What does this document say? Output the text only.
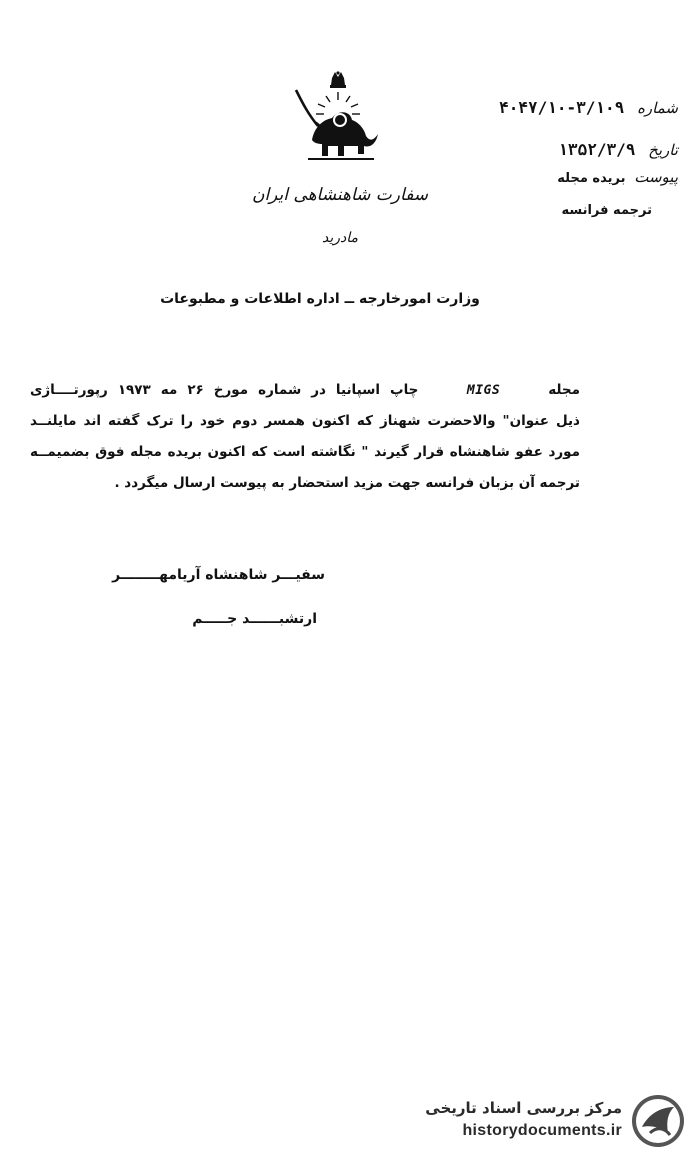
شماره ۴۰۴۷/۱۰-۳/۱۰۹
تاریخ ۱۳۵۲/۳/۹
پیوست بریده مجله
ترجمه فرانسه
سفارت شاهنشاهی ایران
مادرید
وزارت امورخارجه ــ اداره اطلاعات و مطبوعات
مجله MIGS چاپ اسپانیا در شماره مورخ ۲۶ مه ۱۹۷۳ رپورتــــاژی
ذیل عنوان" والاحضرت شهناز که اکنون همسر دوم خود را ترک گفته اند مایلنــد
مورد عفو شاهنشاه قرار گیرند " نگاشته است که اکنون بریده مجله فوق بضمیمــه
ترجمه آن بزبان فرانسه جهت مزید استحضار به پیوست ارسال میگردد .
سفیـــر شاهنشاه آریامهــــــــر
ارتشبــــــد جـــــم
مرکز بررسی اسناد تاریخی
historydocuments.ir
